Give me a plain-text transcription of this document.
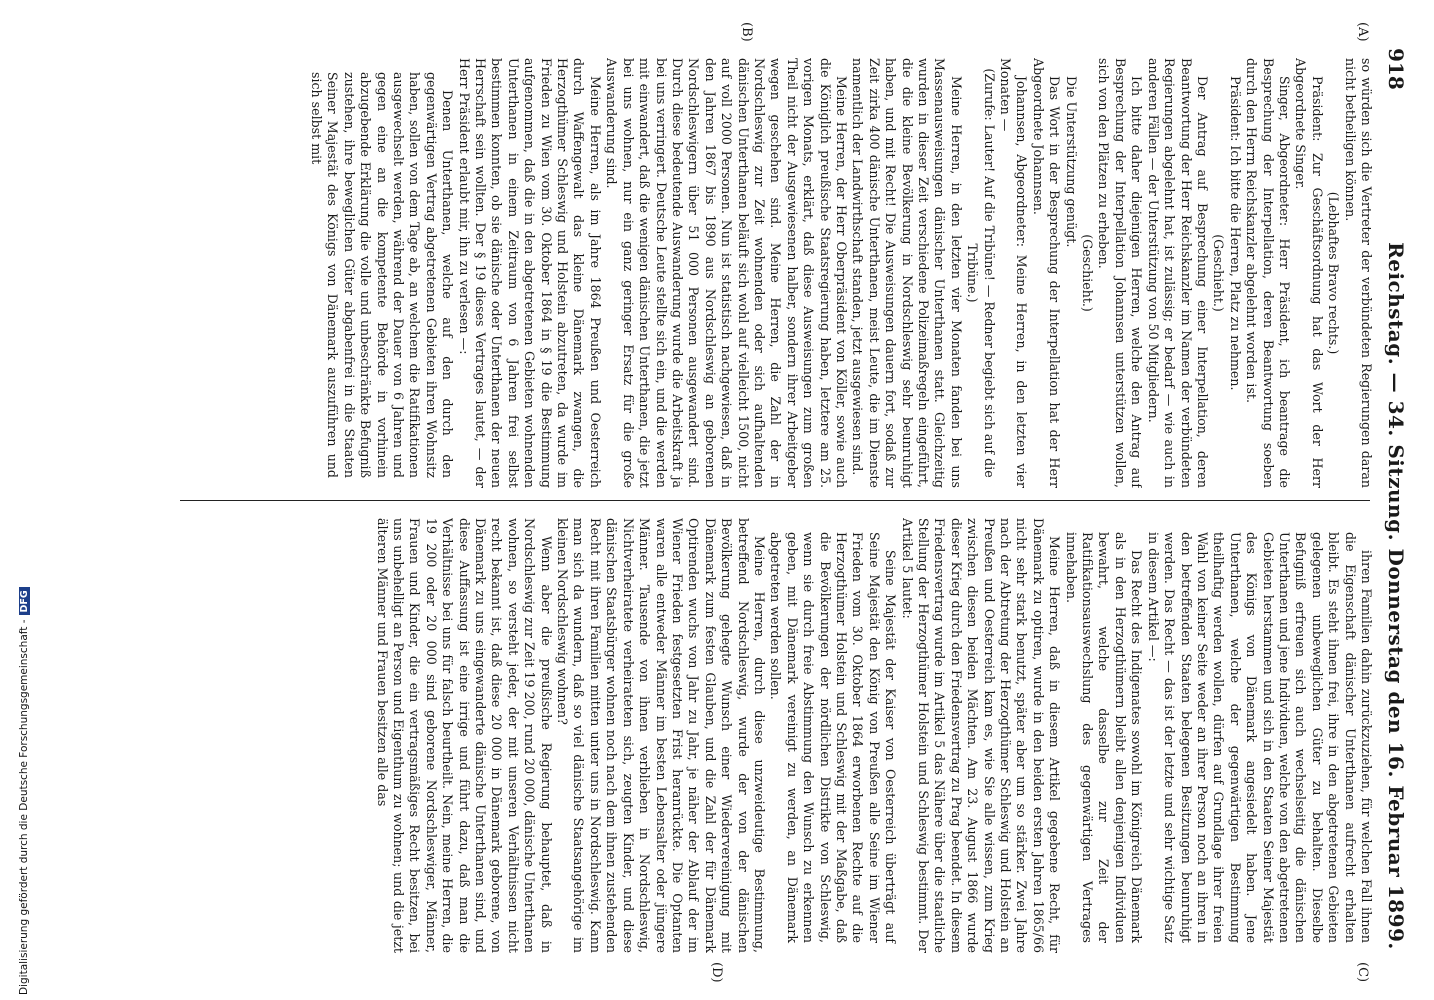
918
Reichstag. — 34. Sitzung. Donnerstag den 16. Februar 1899.
(A)
(B)
(C)
(D)

so würden sich die Vertreter der verbündeten Regierungen daran nicht betheiligen können.

(Lebhaftes Bravo rechts.)

Präsident: Zur Geschäftsordnung hat das Wort der Herr Abgeordnete Singer.

Singer, Abgeordneter: Herr Präsident, ich beantrage die Besprechung der Interpellation, deren Beantwortung soeben durch den Herrn Reichskanzler abgelehnt worden ist.

Präsident: Ich bitte die Herren, Platz zu nehmen.

(Geschieht.)

Der Antrag auf Besprechung einer Interpellation, deren Beantwortung der Herr Reichskanzler im Namen der verbündeten Regierungen abgelehnt hat, ist zulässig; er bedarf — wie auch in anderen Fällen — der Unterstützung von 50 Mitgliedern.

Ich bitte daher diejenigen Herren, welche den Antrag auf Besprechung der Interpellation Johannsen unterstützen wollen, sich von den Plätzen zu erheben.

(Geschieht.)

Die Unterstützung genügt.

Das Wort in der Besprechung der Interpellation hat der Herr Abgeordnete Johannsen.

Johannsen, Abgeordneter: Meine Herren, in den letzten vier Monaten —

(Zurufe: Lauter! Auf die Tribüne! — Redner begiebt sich auf die Tribüne.)

Meine Herren, in den letzten vier Monaten fanden bei uns Massenausweisungen dänischer Unterthanen statt. Gleichzeitig wurden in dieser Zeit verschiedene Polizeimaßregeln eingeführt, die die kleine Bevölkerung in Nordschleswig sehr beunruhigt haben, und mit Recht! Die Ausweisungen dauern fort, sodaß zur Zeit zirka 400 dänische Unterthanen, meist Leute, die im Dienste namentlich der Landwirthschaft standen, jetzt ausgewiesen sind.

Meine Herren, der Herr Oberpräsident von Köller, sowie auch die Königlich preußische Staatsregierung haben, letztere am 25. vorigen Monats, erklärt, daß diese Ausweisungen zum großen Theil nicht der Ausgewiesenen halber, sondern ihrer Arbeitgeber wegen geschehen sind. Meine Herren, die Zahl der in Nordschleswig zur Zeit wohnenden oder sich aufhaltenden dänischen Unterthanen beläuft sich wohl auf vielleicht 1500, nicht auf voll 2000 Personen. Nun ist statistisch nachgewiesen, daß in den Jahren 1867 bis 1890 aus Nordschleswig an geborenen Nordschleswigern über 51 000 Personen ausgewandert sind. Durch diese bedeutende Auswanderung wurde die Arbeitskraft ja bei uns verringert. Deutsche Leute stellte sich ein, und die werden mit einwandert, daß die wenigen dänischen Unterthanen, die jetzt bei uns wohnen, nur ein ganz geringer Ersatz für die große Auswanderung sind.

Meine Herren, als im Jahre 1864 Preußen und Oesterreich durch Waffengewalt das kleine Dänemark zwangen, die Herzogthümer Schleswig und Holstein abzutreten, da wurde im Frieden zu Wien vom 30. Oktober 1864 in § 19 die Bestimmung aufgenommen, daß die in den abgetretenen Gebieten wohnenden Unterthanen in einem Zeitraum von 6 Jahren frei selbst bestimmen konnten, ob sie dänische oder Unterthanen der neuen Herrschaft sein wollten. Der § 19 dieses Vertrages lautet, — der Herr Präsident erlaubt mir, ihn zu verlesen —:

Denen Unterthanen, welche auf den durch den gegenwärtigen Vertrag abgetretenen Gebieten ihren Wohnsitz haben, sollen von dem Tage ab, an welchem die Ratifikationen ausgewechselt werden, während der Dauer von 6 Jahren und gegen eine an die kompetente Behörde in vorhinein abzugebende Erklärung die volle und unbeschränkte Befugniß zustehen, ihre beweglichen Güter abgabenfrei in die Staaten Seiner Majestät des Königs von Dänemark auszuführen und sich selbst mit

ihren Familien dahin zurückzuziehen, für welchen Fall ihnen die Eigenschaft dänischer Unterthanen aufrecht erhalten bleibt. Es steht ihnen frei, ihre in den abgetretenen Gebieten gelegenen unbeweglichen Güter zu behalten. Dieselbe Befugniß erfreuen sich auch wechselseitig die dänischen Unterthanen und jene Individuen, welche von den abgetretenen Gebieten herstammen und sich in den Staaten Seiner Majestät des Königs von Dänemark angesiedelt haben. Jene Unterthanen, welche der gegenwärtigen Bestimmung theilhaftig werden wollen, dürfen auf Grundlage ihrer freien Wahl von keiner Seite weder an ihrer Person noch an ihren in den betreffenden Staaten belegenen Besitzungen beunruhigt werden. Das Recht — das ist der letzte und sehr wichtige Satz in diesem Artikel —:

Das Recht des Indigenates sowohl im Königreich Dänemark als in den Herzogthümern bleibt allen denjenigen Individuen bewahrt, welche dasselbe zur Zeit der Ratifikationsauswechslung des gegenwärtigen Vertrages innehaben.

Meine Herren, daß in diesem Artikel gegebene Recht, für Dänemark zu optiren, wurde in den beiden ersten Jahren 1865/66 nicht sehr stark benutzt, später aber um so stärker. Zwei Jahre nach der Abtretung der Herzogthümer Schleswig und Holstein an Preußen und Oesterreich kam es, wie Sie alle wissen, zum Krieg zwischen diesen beiden Mächten. Am 23. August 1866 wurde dieser Krieg durch den Friedensvertrag zu Prag beendet. In diesem Friedensvertrag wurde im Artikel 5 das Nähere über die staatliche Stellung der Herzogthümer Holstein und Schleswig bestimmt. Der Artikel 5 lautet:

Seine Majestät der Kaiser von Oesterreich überträgt auf Seine Majestät den König von Preußen alle Seine im Wiener Frieden vom 30. Oktober 1864 erworbenen Rechte auf die Herzogthümer Holstein und Schleswig mit der Maßgabe, daß die Bevölkerungen der nördlichen Distrikte von Schleswig, wenn sie durch freie Abstimmung den Wunsch zu erkennen geben, mit Dänemark vereinigt zu werden, an Dänemark abgetreten werden sollen.

Meine Herren, durch diese unzweideutige Bestimmung, betreffend Nordschleswig, wurde der von der dänischen Bevölkerung gehegte Wunsch einer Wiedervereinigung mit Dänemark zum festen Glauben, und die Zahl der für Dänemark Optirenden wuchs von Jahr zu Jahr, je näher der Ablauf der im Wiener Frieden festgesetzten Frist heranrückte. Die Optanten waren alle entweder Männer im besten Lebensalter oder jüngere Männer. Tausende von ihnen verblieben in Nordschleswig, Nichtverheiratete verheirateten sich, zeugten Kinder, und diese dänischen Staatsbürger wohnen noch nach dem ihnen zustehenden Recht mit ihren Familien mitten unter uns in Nordschleswig. Kann man sich da wundern, daß so viel dänische Staatsangehörige im kleinen Nordschleswig wohnen?

Wenn aber die preußische Regierung behauptet, daß in Nordschleswig zur Zeit 19 200, rund 20 000, dänische Unterthanen wohnen, so versteht jeder, der mit unseren Verhältnissen nicht recht bekannt ist, daß diese 20 000 in Dänemark geborene, von Dänemark zu uns eingewanderte dänische Unterthanen sind, und diese Auffassung ist eine irrige und führt dazu, daß man die Verhältnisse bei uns für falsch beurtheilt. Nein, meine Herren, die 19 200 oder 20 000 sind geborene Nordschleswiger, Männer, Frauen und Kinder, die ein vertragsmäßiges Recht besitzen, bei uns unbehelligt an Person und Eigenthum zu wohnen; und die jetzt älteren Männer und Frauen besitzen alle das

Digitalisierung gefördert durch die Deutsche Forschungsgemeinschaft -DFG
